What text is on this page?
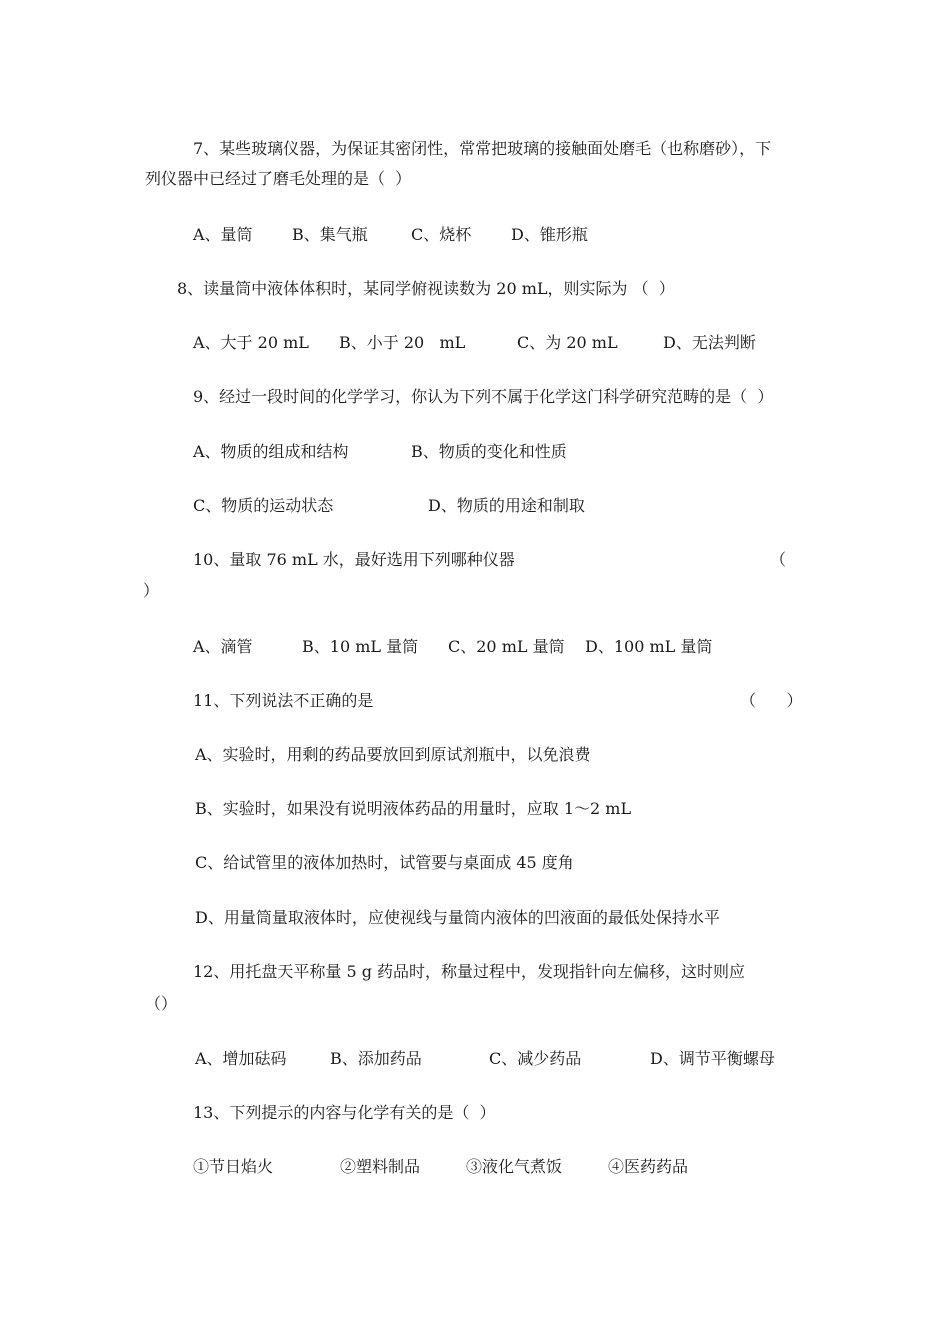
7、某些玻璃仪器，为保证其密闭性，常常把玻璃的接触面处磨毛（也称磨砂），下
列仪器中已经过了磨毛处理的是（  ）
A、量筒 B、集气瓶	C、烧杯 D、锥形瓶
8、读量筒中液体体积时，某同学俯视读数为 20 mL，则实际为 （  ）
A、大于 20 mL B、小于 20   mL	C、为 20 mL	D、无法判断
9、经过一段时间的化学学习，你认为下列不属于化学这门科学研究范畴的是（  ）
A、物质的组成和结构	B、物质的变化和性质
C、物质的运动状态	D、物质的用途和制取
10、量取 76 mL 水，最好选用下列哪种仪器	（
）
A、滴管	B、10 mL 量筒 C、20 mL 量筒 D、100 mL 量筒
11、下列说法不正确的是	（      ）
A、实验时，用剩的药品要放回到原试剂瓶中，以免浪费
B、实验时，如果没有说明液体药品的用量时，应取 1～2 mL
C、给试管里的液体加热时，试管要与桌面成 45 度角
D、用量筒量取液体时，应使视线与量筒内液体的凹液面的最低处保持水平
12、用托盘天平称量 5 g 药品时，称量过程中，发现指针向左偏移，这时则应
（）
A、增加砝码	B、添加药品	C、减少药品	D、调节平衡螺母
13、下列提示的内容与化学有关的是（  ）
①节日焰火	②塑料制品	③液化气煮饭	④医药药品
